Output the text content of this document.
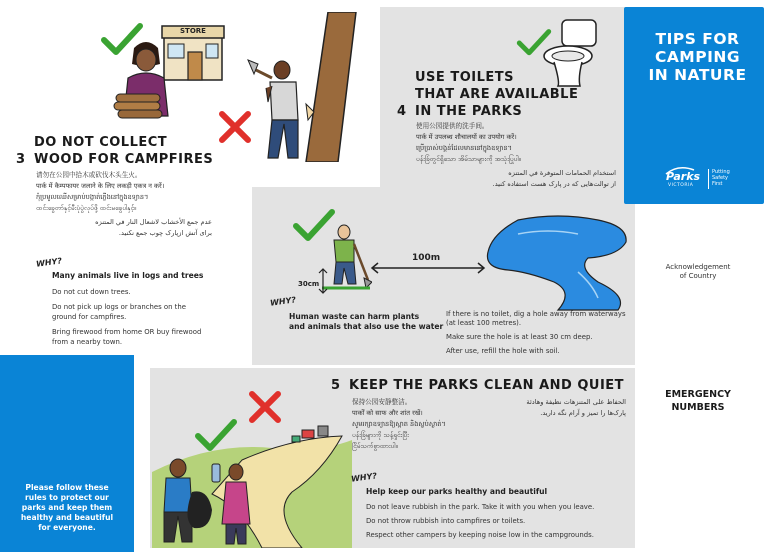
TIPS FOR
CAMPING
IN NATURE
Parks
VICTORIA
Putting
Safety
First
Acknowledgement
of Country
EMERGENCY
NUMBERS
Please follow these
rules to protect our
parks and keep them
healthy and beautiful
for everyone.
STORE
3DO NOT COLLECT
WOOD FOR CAMPFIRES
请勿在公园中拾木或砍伐木头生火。
पार्क में कैम्पफायर जलाने के लिए लकड़ी एकत्र न करें।
កុំប្រមូលឈើសម្រាប់បង្កាត់ភ្លើងនៅក្នុងឧទ្យាន។
ထင်းခွေတာ်နှင့်မီးပုံပွဲလုပ်ဖို့ ထင်းမခွေပါနှင့်။
عدم جمع الأخشاب لاشعال النار في المتنزه
برای آتش ازپارک چوب جمع نکنید.
WHY?
Many animals live in logs and trees
Do not cut down trees.
Do not pick up logs or branches on the ground for campfires.
Bring firewood from home OR buy firewood from a nearby town.
4USE TOILETS
THAT ARE AVAILABLE
IN THE PARKS
使用公园提供的洗手间。
पार्क में उपलब्ध शौचालयों का उपयोग करें।
ប្រើប្រាស់បង្គន់ដែលមាននៅក្នុងឧទ្យាន។
ပန်းခြံတွင်ရှိသော အိမ်သာများကို အသုံးပြုပါ။
استخدام الحمامات المتوفرة في المتنزه
از توالت‌هایی که در پارک هست استفاده کنید.
30cm
100m
WHY?
Human waste can harm plants
and animals that also use the water
If there is no toilet, dig a hole away from waterways (at least 100 metres).
Make sure the hole is at least 30 cm deep.
After use, refill the hole with soil.
5 KEEP THE PARKS CLEAN AND QUIET
保持公园安静整洁。
पार्कों को साफ और शांत रखें।
សូមរក្សាឧទ្យានឱ្យស្អាត និងស្ងប់ស្ងាត់។
ပန်းခြံများကို သန့်ရှင်းပြီး
ငြိမ်သက်စွာထားပါ။
الحفاظ على المتنزهات نظيفة وهادئة
پارک‌ها را تمیز و آرام نگه دارید.
WHY?
Help keep our parks healthy and beautiful
Do not leave rubbish in the park. Take it with you when you leave.
Do not throw rubbish into campfires or toilets.
Respect other campers by keeping noise low in the campgrounds.
